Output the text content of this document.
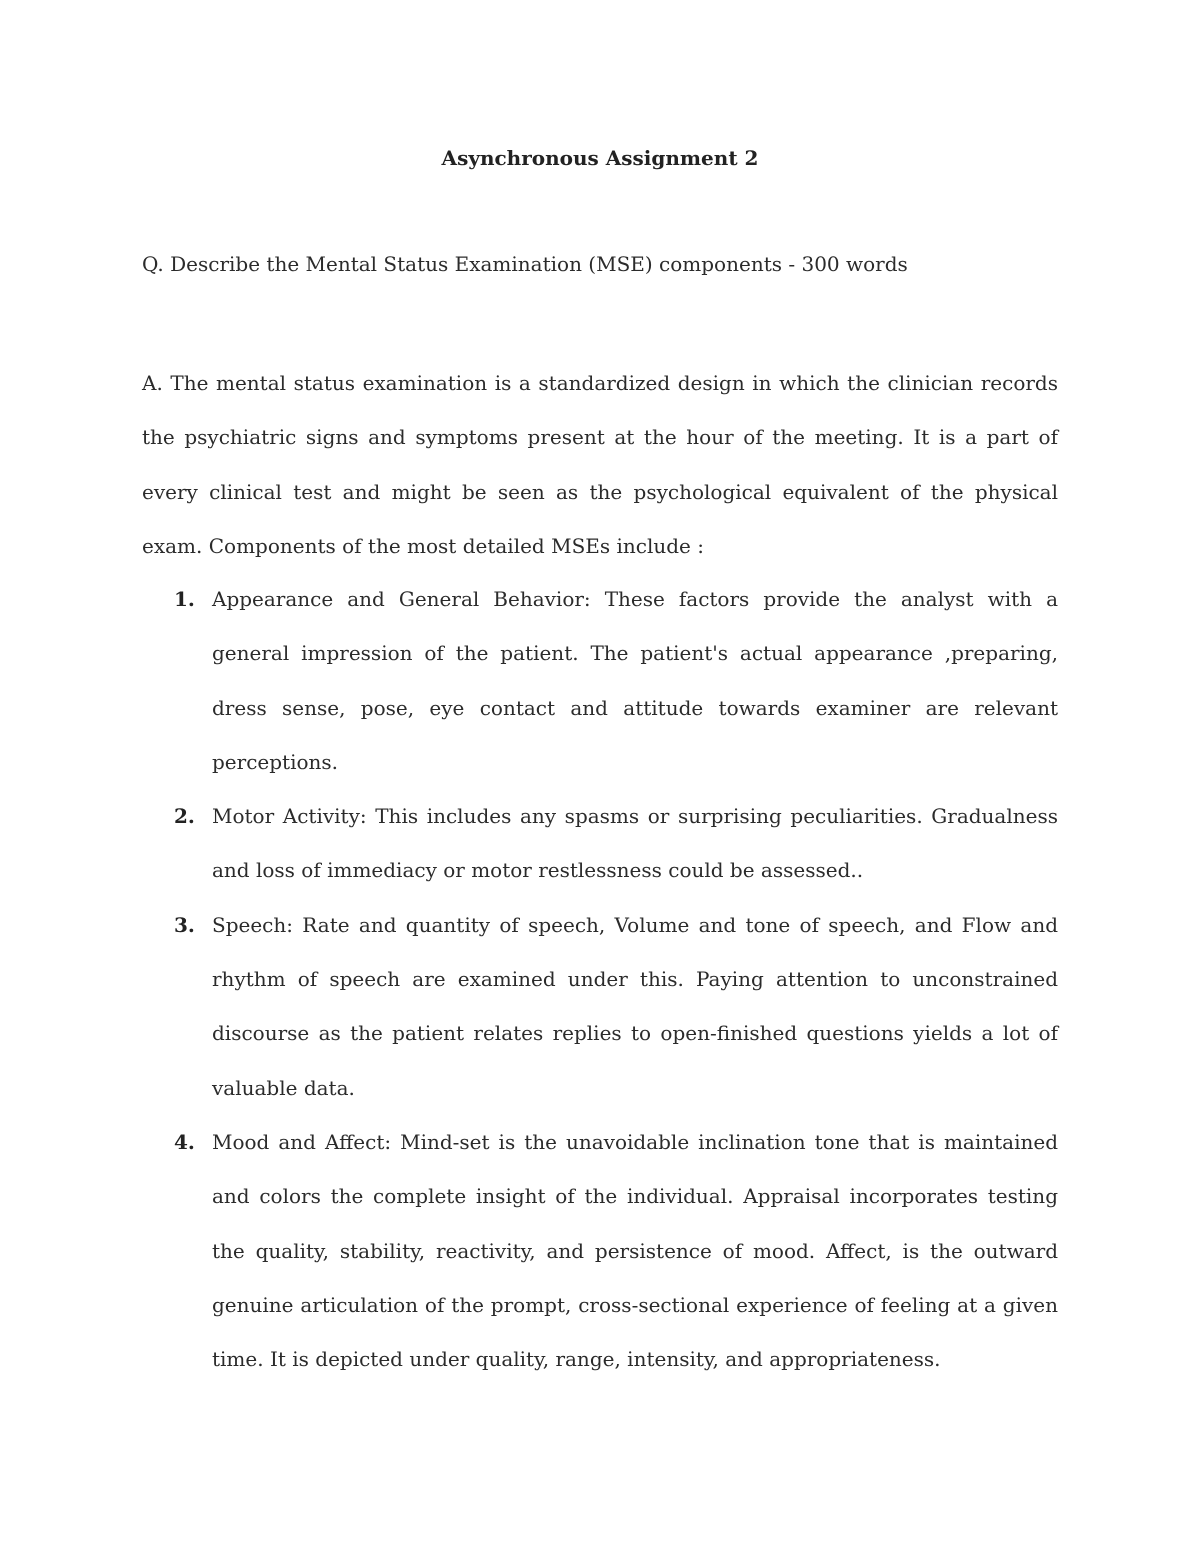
Asynchronous Assignment 2
Q. Describe the Mental Status Examination (MSE) components - 300 words

A. The mental status examination is a standardized design in which the clinician records the psychiatric signs and symptoms present at the hour of the meeting. It is a part of every clinical test and might be seen as the psychological equivalent of the physical exam. Components of the most detailed MSEs include :

1. Appearance and General Behavior: These factors provide the analyst with a general impression of the patient. The patient's actual appearance ,preparing, dress sense, pose, eye contact and attitude towards examiner are relevant perceptions.
2. Motor Activity: This includes any spasms or surprising peculiarities. Gradualness and loss of immediacy or motor restlessness could be assessed..
3. Speech: Rate and quantity of speech, Volume and tone of speech, and Flow and rhythm of speech are examined under this. Paying attention to unconstrained discourse as the patient relates replies to open-finished questions yields a lot of valuable data.
4. Mood and Affect: Mind-set is the unavoidable inclination tone that is maintained and colors the complete insight of the individual. Appraisal incorporates testing the quality, stability, reactivity, and persistence of mood. Affect, is the outward genuine articulation of the prompt, cross-sectional experience of feeling at a given time. It is depicted under quality, range, intensity, and appropriateness.
